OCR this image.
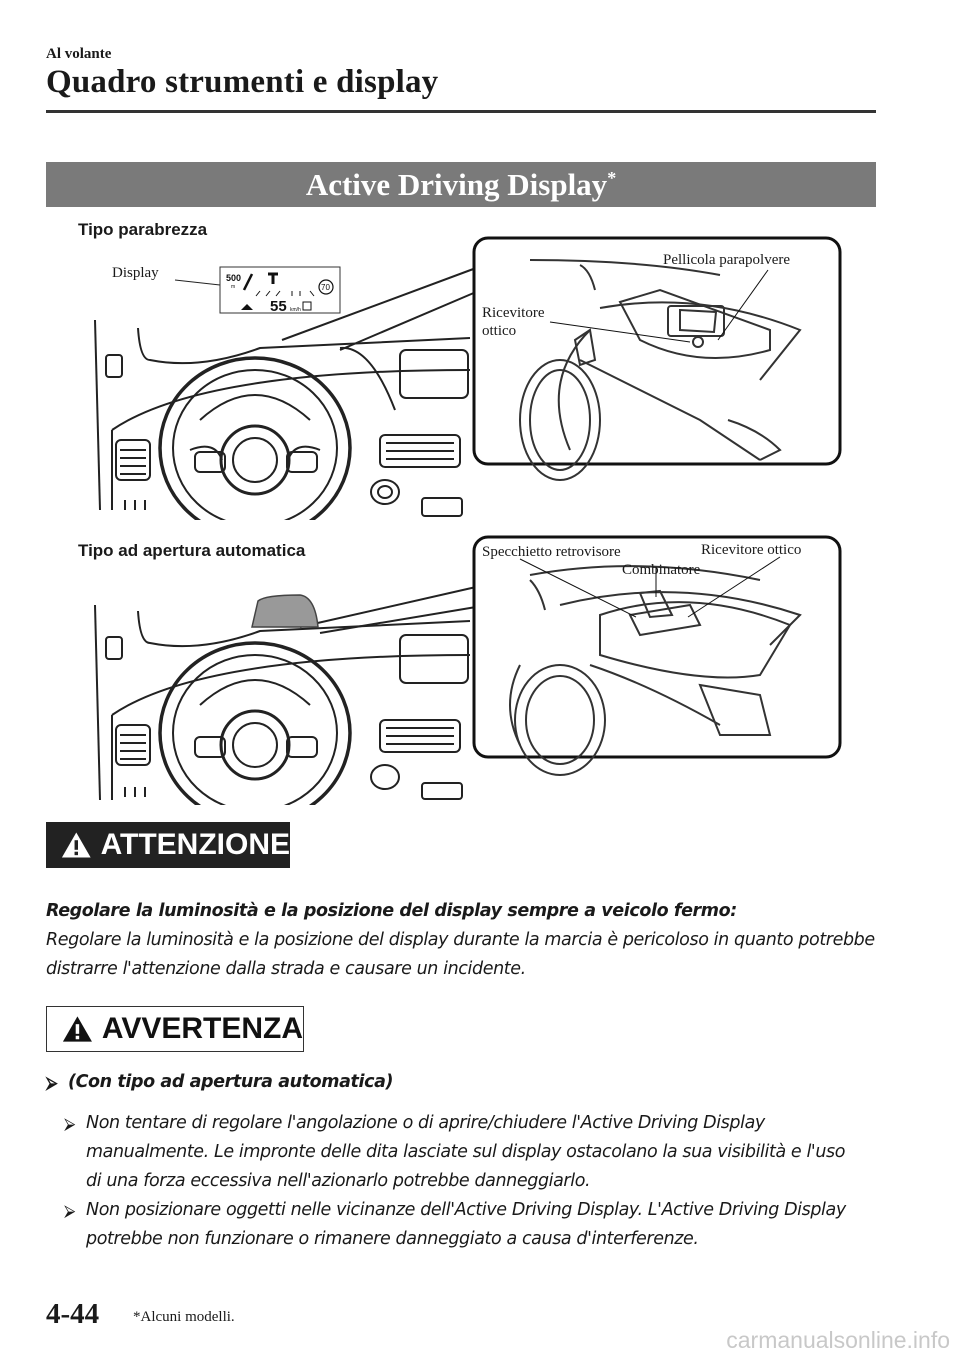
Al volante
Quadro strumenti e display
Active Driving Display*
Tipo parabrezza
500
m	70
55 km/h
Display
Pellicola parapolvere
Ricevitore
ottico
Tipo ad apertura automatica	Specchietto retrovisore	Ricevitore ottico
Combinatore
ATTENZIONE
Regolare la luminosità e la posizione del display sempre a veicolo fermo:
Regolare la luminosità e la posizione del display durante la marcia è pericoloso in quanto potrebbe distrarre l'attenzione dalla strada e causare un incidente.
AVVERTENZA
⮚ (Con tipo ad apertura automatica)
⮚ Non tentare di regolare l'angolazione o di aprire/chiudere l'Active Driving Display manualmente. Le impronte delle dita lasciate sul display ostacolano la sua visibilità e l'uso di una forza eccessiva nell'azionarlo potrebbe danneggiarlo.
⮚ Non posizionare oggetti nelle vicinanze dell'Active Driving Display. L'Active Driving Display potrebbe non funzionare o rimanere danneggiato a causa d'interferenze.
4-44 *Alcuni modelli.
carmanualsonline.info
